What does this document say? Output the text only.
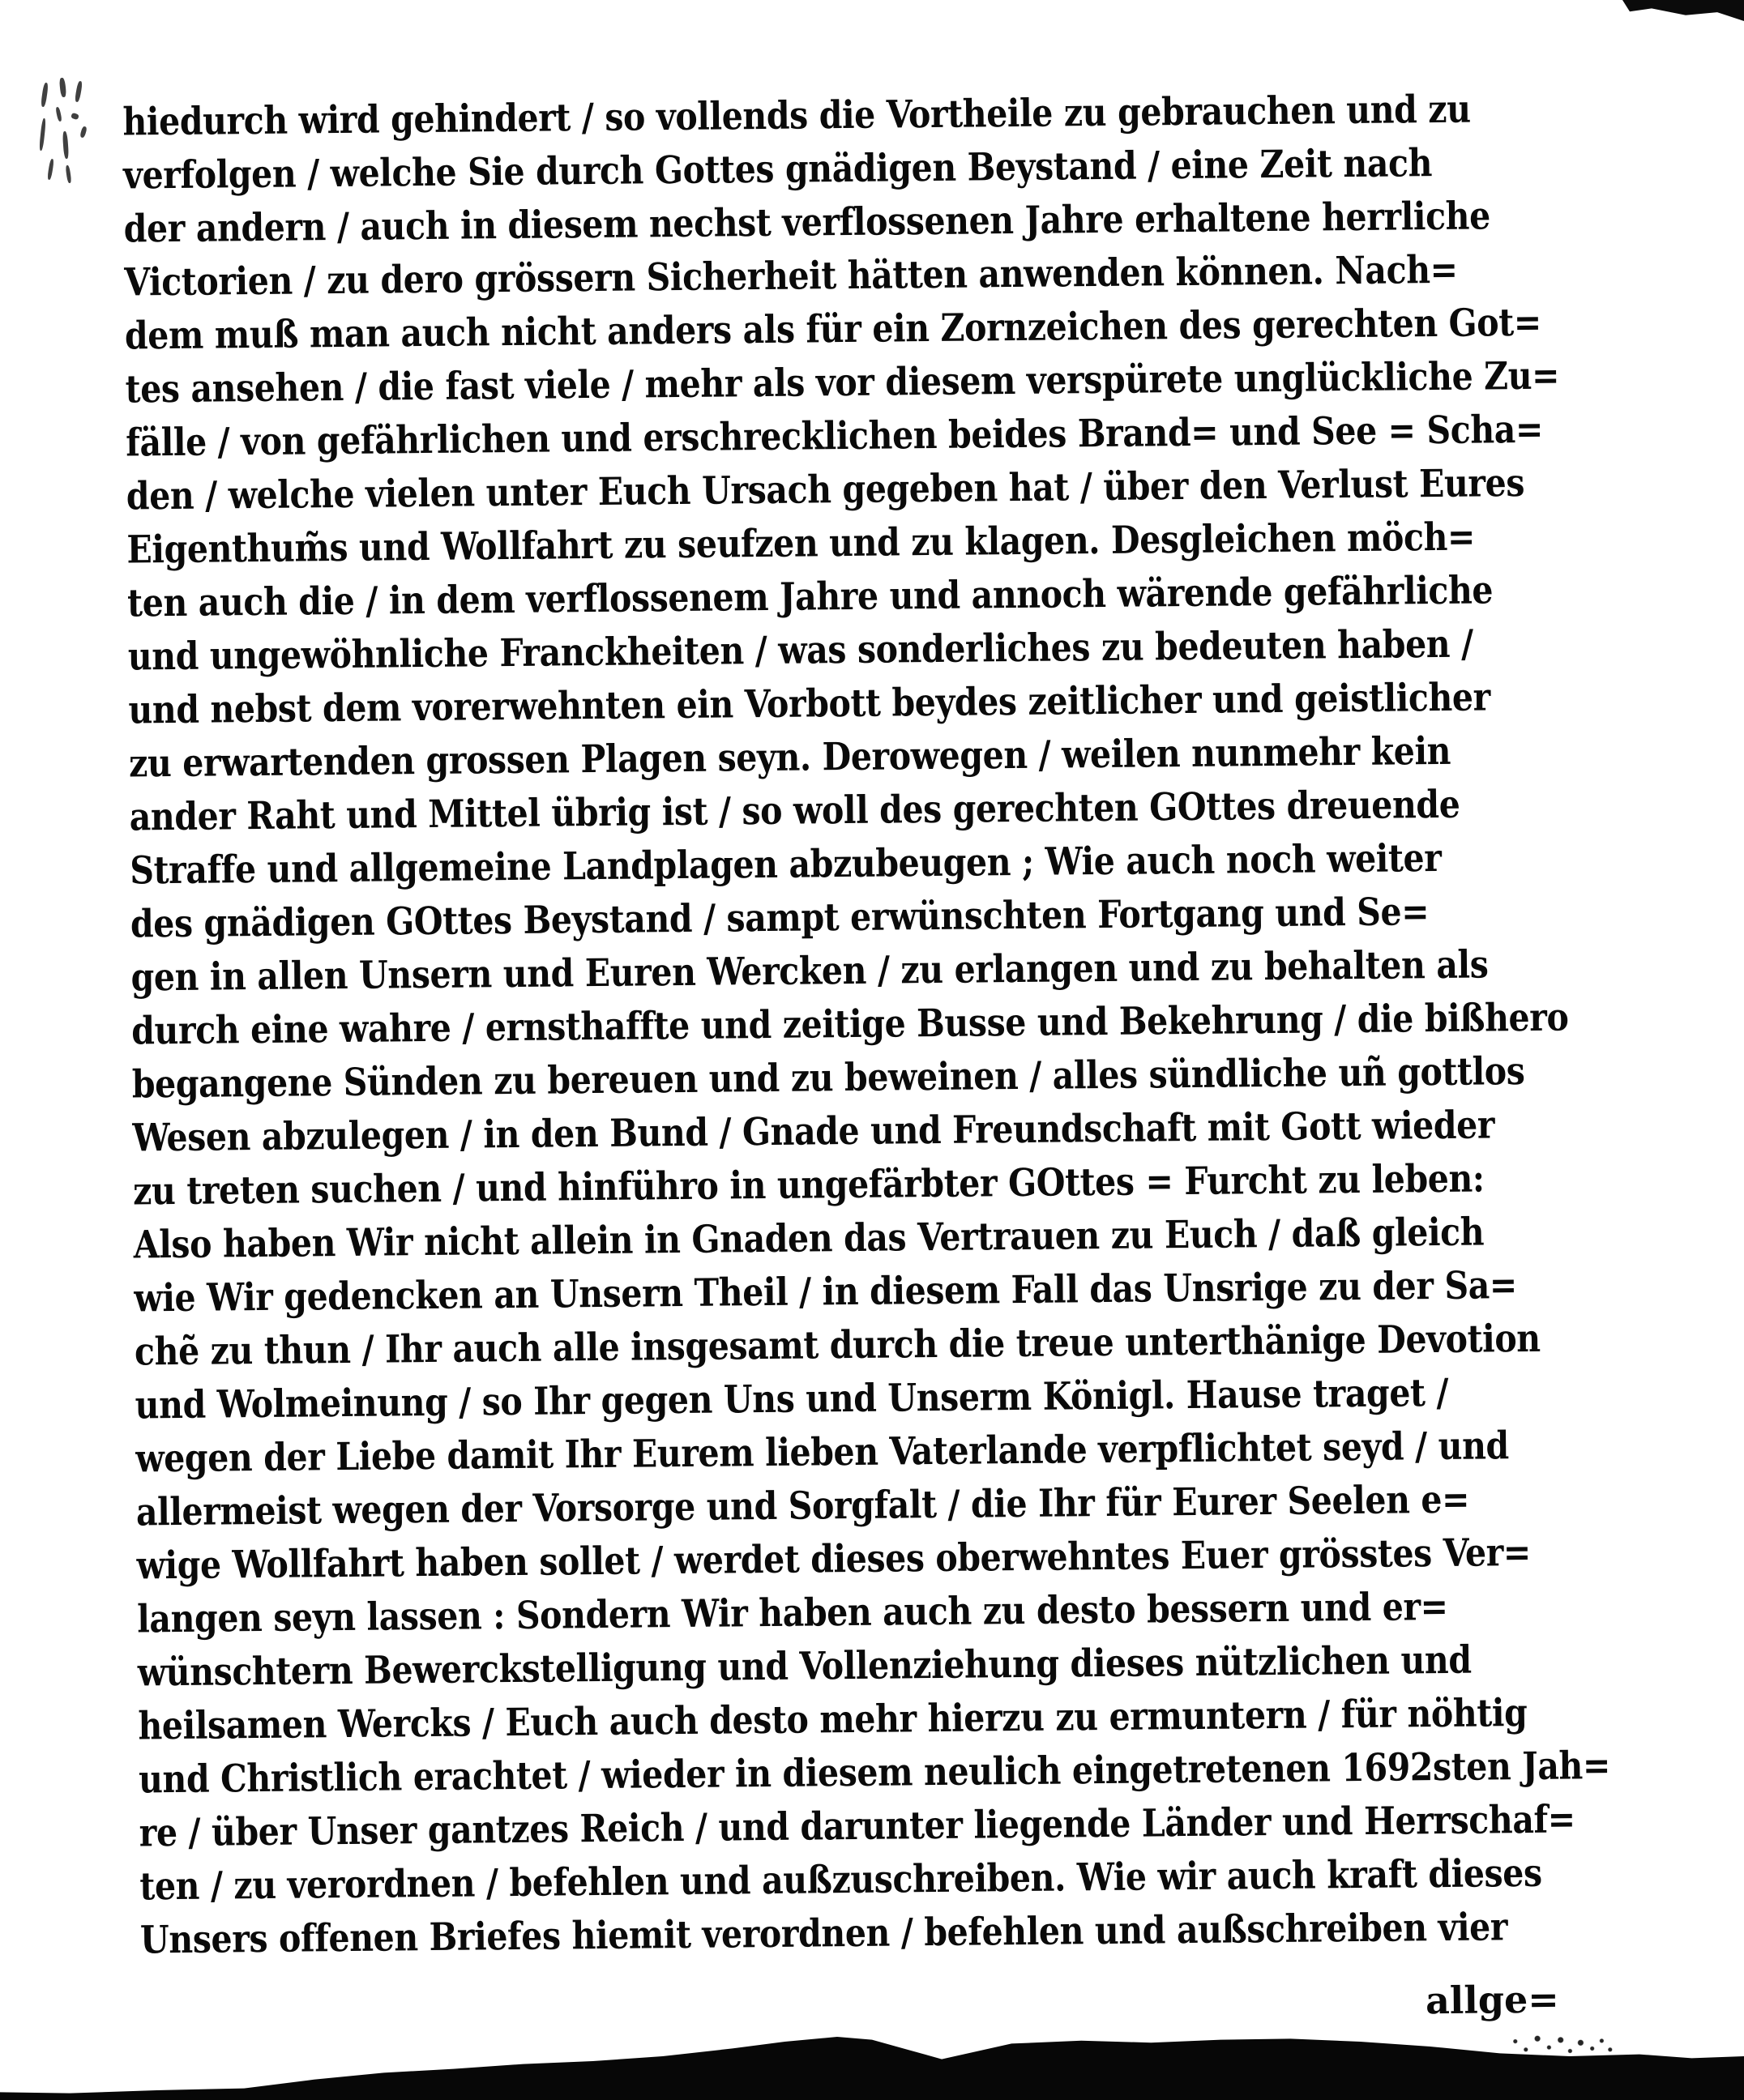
hiedurch wird gehindert / so vollends die Vortheile zu gebrauchen und zu
verfolgen / welche Sie durch Gottes gnädigen Beystand / eine Zeit nach
der andern / auch in diesem nechst verflossenen Jahre erhaltene herrliche
Victorien / zu dero grössern Sicherheit hätten anwenden können. Nach=
dem muß man auch nicht anders als für ein Zornzeichen des gerechten Got=
tes ansehen / die fast viele / mehr als vor diesem verspürete unglückliche Zu=
fälle / von gefährlichen und erschrecklichen beides Brand= und See = Scha=
den / welche vielen unter Euch Ursach gegeben hat / über den Verlust Eures
Eigenthum̃s und Wollfahrt zu seufzen und zu klagen. Desgleichen möch=
ten auch die / in dem verflossenem Jahre und annoch wärende gefährliche
und ungewöhnliche Franckheiten / was sonderliches zu bedeuten haben /
und nebst dem vorerwehnten ein Vorbott beydes zeitlicher und geistlicher
zu erwartenden grossen Plagen seyn. Derowegen / weilen nunmehr kein
ander Raht und Mittel übrig ist / so woll des gerechten GOttes dreuende
Straffe und allgemeine Landplagen abzubeugen ; Wie auch noch weiter
des gnädigen GOttes Beystand / sampt erwünschten Fortgang und Se=
gen in allen Unsern und Euren Wercken / zu erlangen und zu behalten als
durch eine wahre / ernsthaffte und zeitige Busse und Bekehrung / die bißhero
begangene Sünden zu bereuen und zu beweinen / alles sündliche uñ gottlos
Wesen abzulegen / in den Bund / Gnade und Freundschaft mit Gott wieder
zu treten suchen / und hinführo in ungefärbter GOttes = Furcht zu leben:
Also haben Wir nicht allein in Gnaden das Vertrauen zu Euch / daß gleich
wie Wir gedencken an Unsern Theil / in diesem Fall das Unsrige zu der Sa=
chẽ zu thun / Ihr auch alle insgesamt durch die treue unterthänige Devotion
und Wolmeinung / so Ihr gegen Uns und Unserm Königl. Hause traget /
wegen der Liebe damit Ihr Eurem lieben Vaterlande verpflichtet seyd / und
allermeist wegen der Vorsorge und Sorgfalt / die Ihr für Eurer Seelen e=
wige Wollfahrt haben sollet / werdet dieses oberwehntes Euer grösstes Ver=
langen seyn lassen : Sondern Wir haben auch zu desto bessern und er=
wünschtern Bewerckstelligung und Vollenziehung dieses nützlichen und
heilsamen Wercks / Euch auch desto mehr hierzu zu ermuntern / für nöhtig
und Christlich erachtet / wieder in diesem neulich eingetretenen 1692sten Jah=
re / über Unser gantzes Reich / und darunter liegende Länder und Herrschaf=
ten / zu verordnen / befehlen und außzuschreiben. Wie wir auch kraft dieses
Unsers offenen Briefes hiemit verordnen / befehlen und außschreiben vier
allge=
